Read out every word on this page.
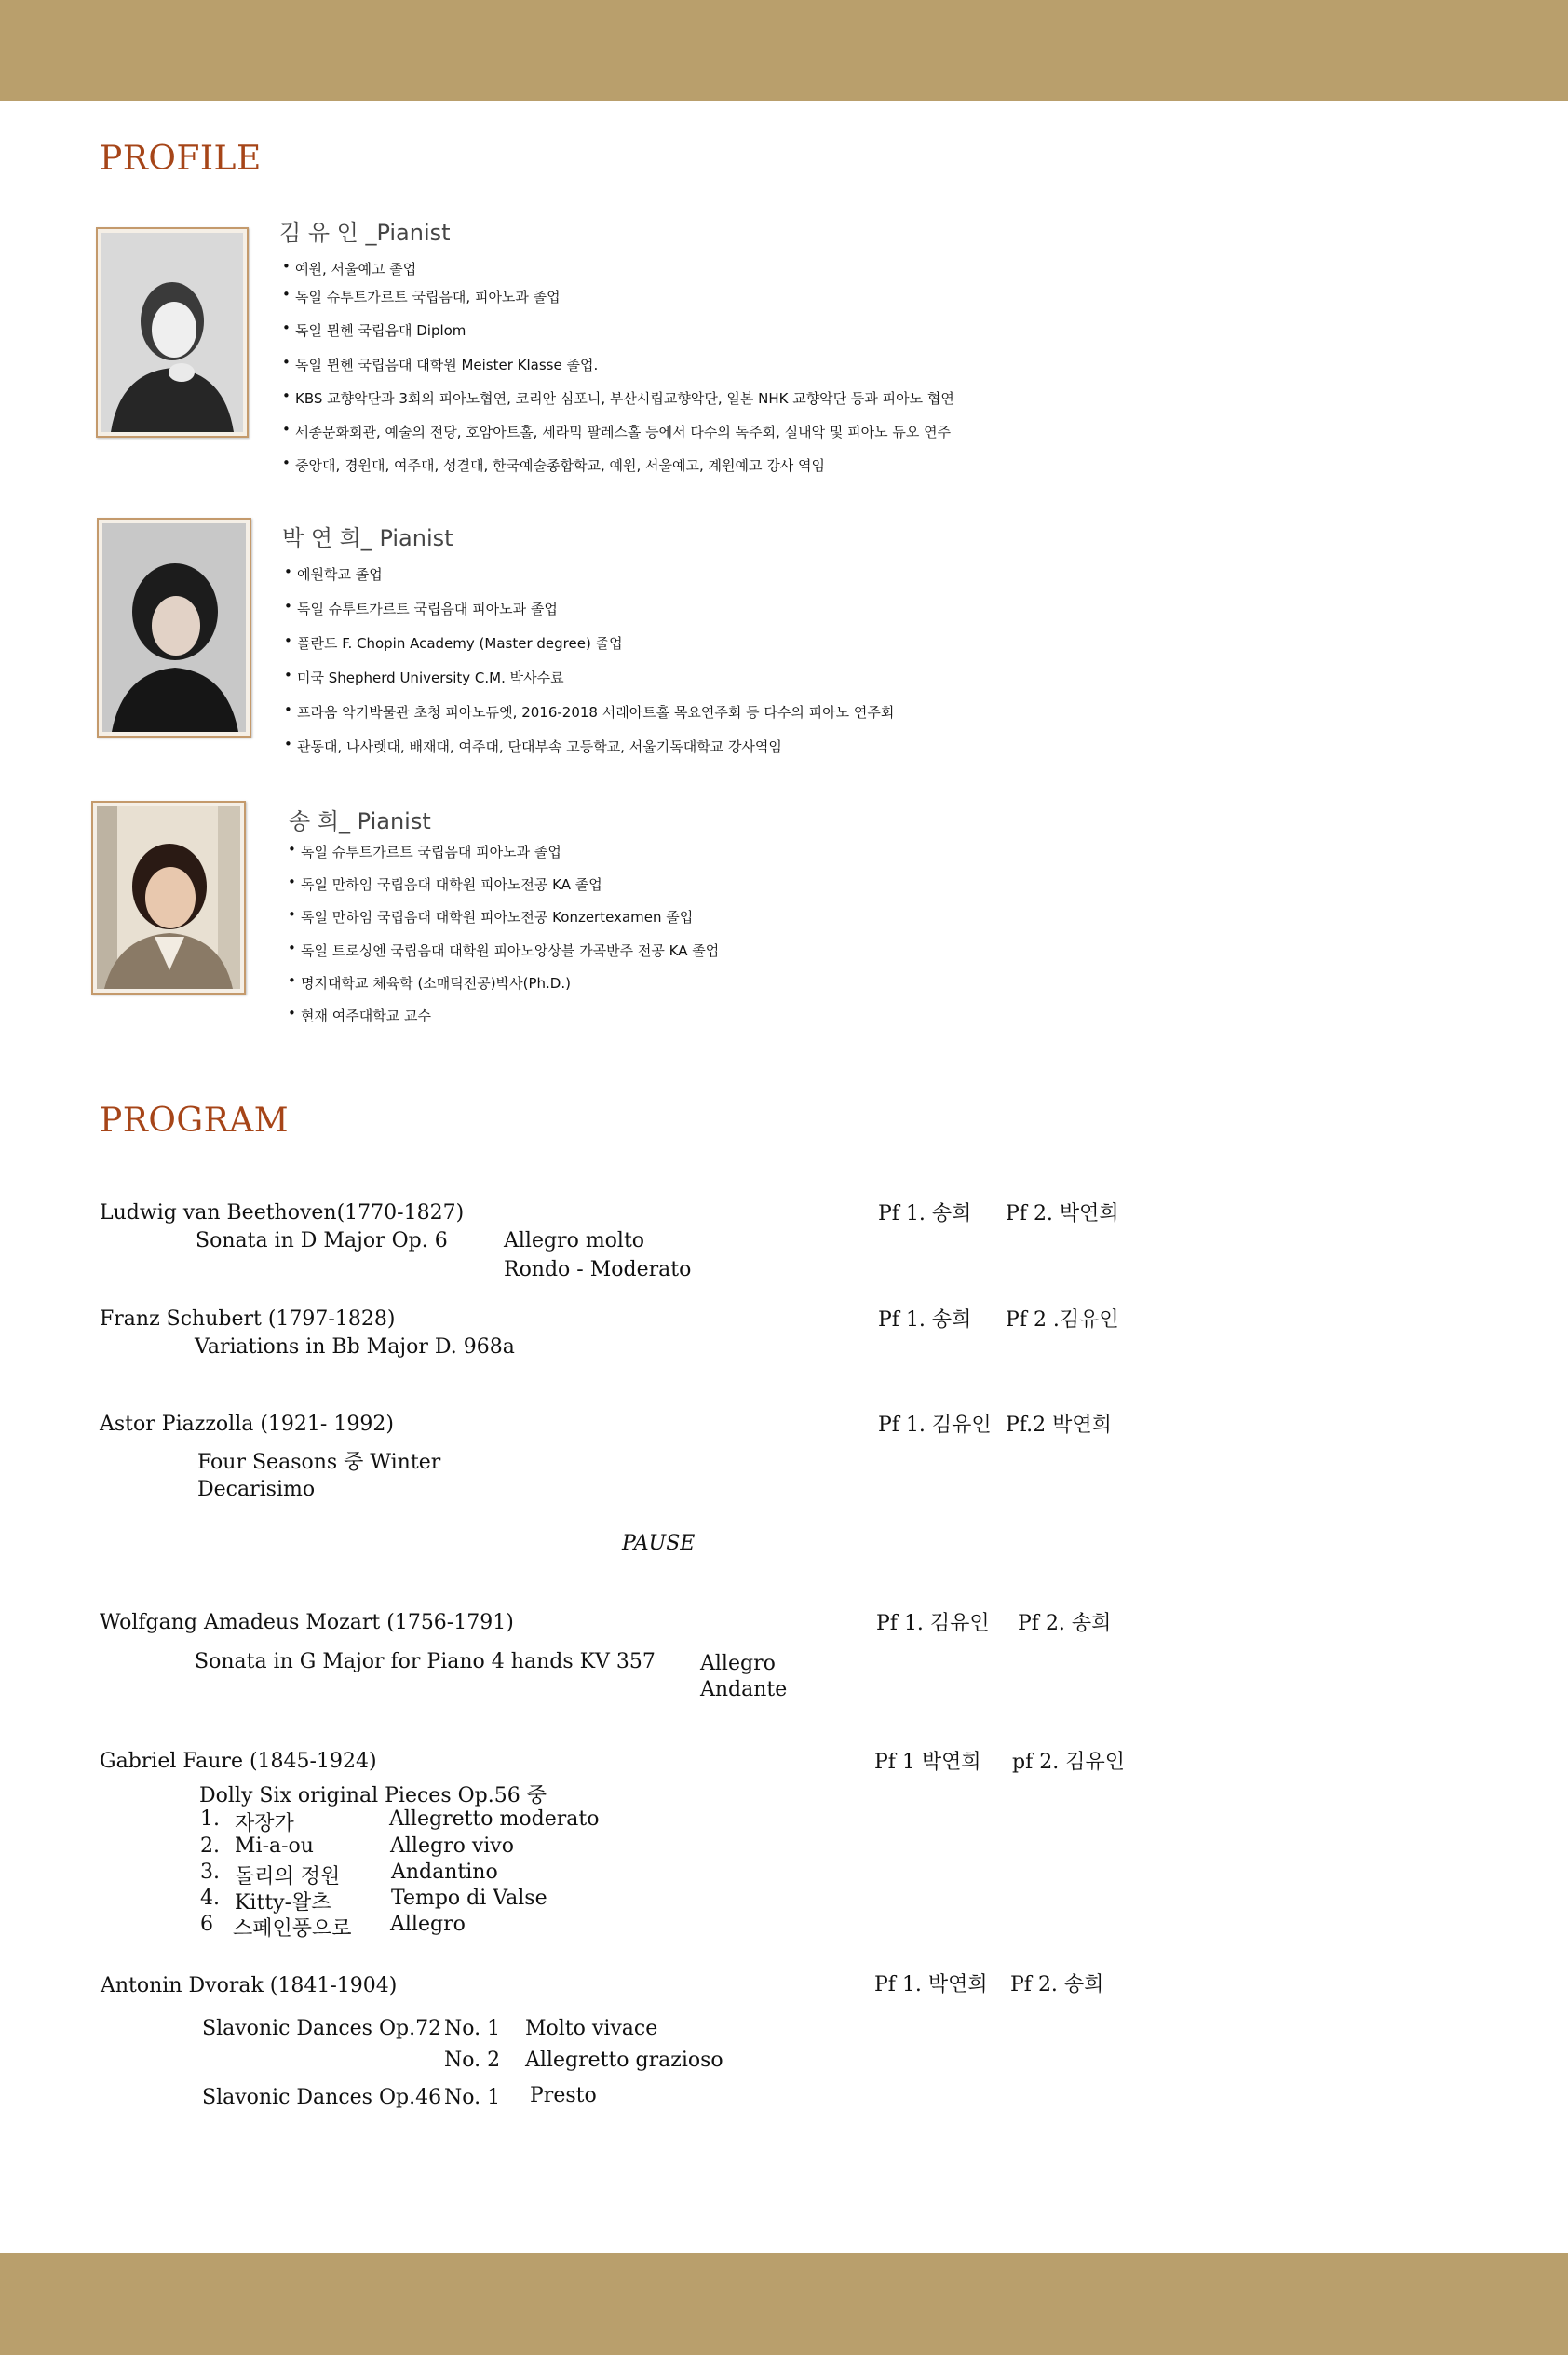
PROFILE
김 유 인 _Pianist
• 예원, 서울예고 졸업
• 독일 슈투트가르트 국립음대, 피아노과 졸업
• 독일 뮌헨 국립음대 Diplom
• 독일 뮌헨 국립음대 대학원 Meister Klasse 졸업.
• KBS 교향악단과 3회의 피아노협연, 코리안 심포니, 부산시립교향악단, 일본 NHK 교향악단 등과 피아노 협연
• 세종문화회관, 예술의 전당, 호암아트홀, 세라믹 팔레스홀 등에서 다수의 독주회, 실내악 및 피아노 듀오 연주
• 중앙대, 경원대, 여주대, 성결대, 한국예술종합학교, 예원, 서울예고, 계원예고 강사 역임
박 연 희_ Pianist
• 예원학교 졸업
• 독일 슈투트가르트 국립음대 피아노과 졸업
• 폴란드 F. Chopin Academy (Master degree) 졸업
• 미국 Shepherd University C.M. 박사수료
• 프라움 악기박물관 초청 피아노듀엣, 2016-2018 서래아트홀 목요연주회 등 다수의 피아노 연주회
• 관동대, 나사렛대, 배재대, 여주대, 단대부속 고등학교, 서울기독대학교 강사역임
송 희_ Pianist
• 독일 슈투트가르트 국립음대 피아노과 졸업
• 독일 만하임 국립음대 대학원 피아노전공 KA 졸업
• 독일 만하임 국립음대 대학원 피아노전공 Konzertexamen 졸업
• 독일 트로싱엔 국립음대 대학원 피아노앙상블 가곡반주 전공 KA 졸업
• 명지대학교 체육학 (소매틱전공)박사(Ph.D.)
• 현재 여주대학교 교수
PROGRAM
Ludwig van Beethoven(1770-1827)	Pf 1. 송희 Pf 2. 박연희
Sonata in D Major Op. 6	Allegro molto
Rondo - Moderato
Franz Schubert (1797-1828)	Pf 1. 송희 Pf 2 .김유인
Variations in Bb Major D. 968a
Astor Piazzolla (1921- 1992)	Pf 1. 김유인 Pf.2 박연희
Four Seasons 중 Winter
Decarisimo
PAUSE
Wolfgang Amadeus Mozart (1756-1791)	Pf 1. 김유인 Pf 2. 송희
Sonata in G Major for Piano 4 hands KV 357 Allegro
Andante
Gabriel Faure (1845-1924)	Pf 1 박연희 pf 2. 김유인
Dolly Six original Pieces Op.56 중
1. 자장가	Allegretto moderato
2. Mi-a-ou	Allegro vivo
3. 돌리의 정원 Andantino
4. Kitty-왈츠	Tempo di Valse
6 스페인풍으로 Allegro
Antonin Dvorak (1841-1904)	Pf 1. 박연희 Pf 2. 송희
Slavonic Dances Op.72 No. 1 Molto vivace
No. 2 Allegretto grazioso
Slavonic Dances Op.46 No. 1 Presto
